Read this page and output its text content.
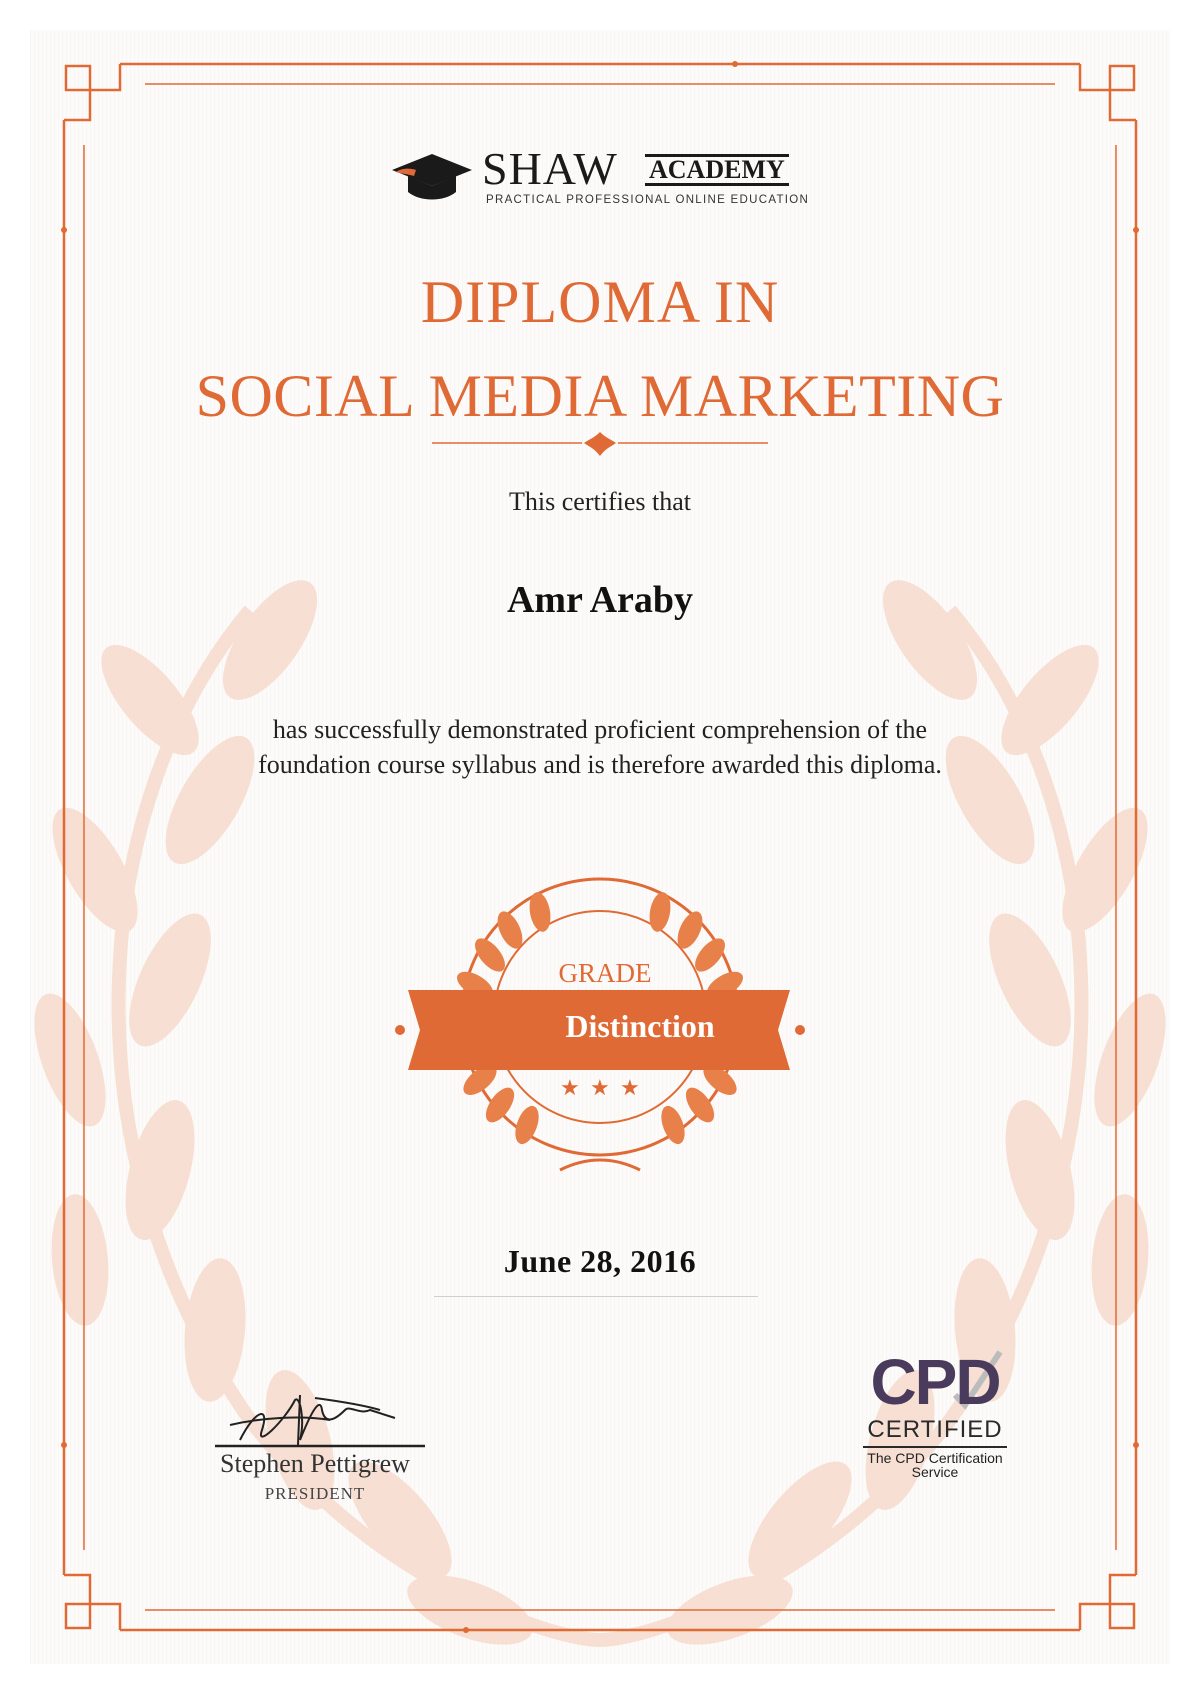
★ ★ ★
SHAW ACADEMY
PRACTICAL PROFESSIONAL ONLINE EDUCATION
DIPLOMA IN
SOCIAL MEDIA MARKETING
This certifies that
Amr Araby
has successfully demonstrated proficient comprehension of the
foundation course syllabus and is therefore awarded this diploma.
GRADE
Distinction
June 28, 2016
Stephen Pettigrew
PRESIDENT
CPD
CERTIFIED
The CPD Certification
Service
